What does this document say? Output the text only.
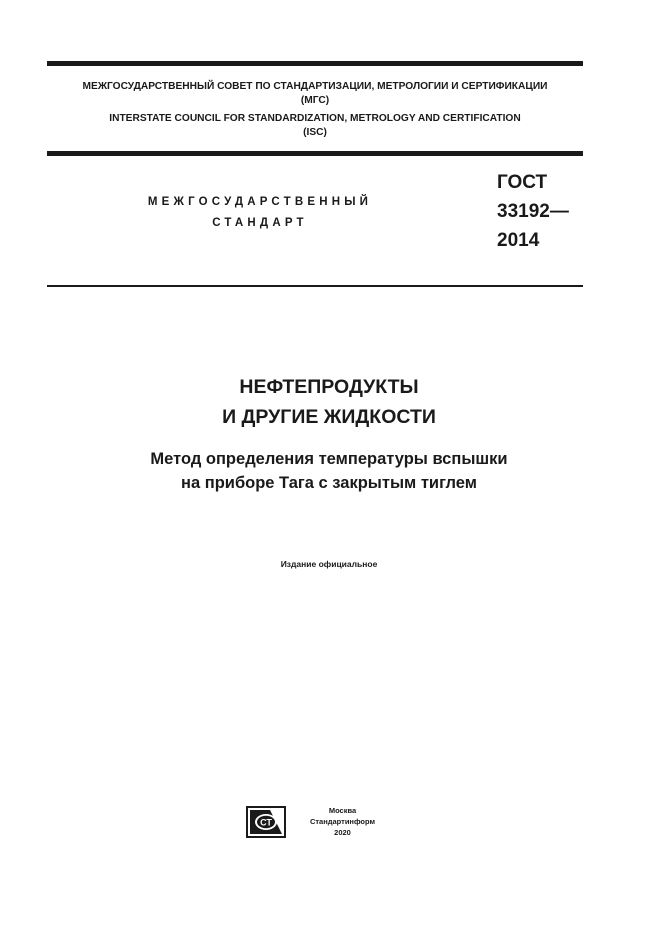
МЕЖГОСУДАРСТВЕННЫЙ СОВЕТ ПО СТАНДАРТИЗАЦИИ, МЕТРОЛОГИИ И СЕРТИФИКАЦИИ
(МГС)
INTERSTATE COUNCIL FOR STANDARDIZATION, METROLOGY AND CERTIFICATION
(ISC)
МЕЖГОСУДАРСТВЕННЫЙ
СТАНДАРТ
ГОСТ
33192—
2014
НЕФТЕПРОДУКТЫ
И ДРУГИЕ ЖИДКОСТИ
Метод определения температуры вспышки
на приборе Тага с закрытым тиглем
Издание официальное
СТ
Москва
Стандартинформ
2020
